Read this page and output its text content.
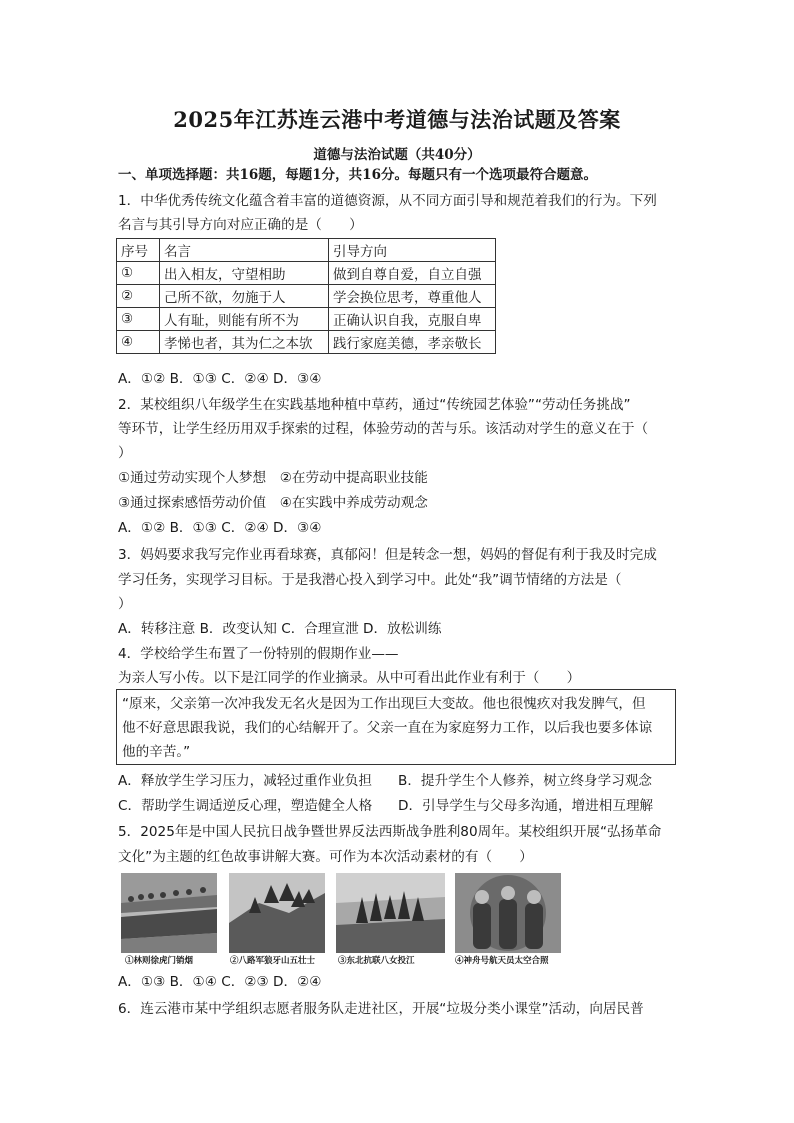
2025年江苏连云港中考道德与法治试题及答案
道德与法治试题（共40分）
一、单项选择题：共16题，每题1分，共16分。每题只有一个选项最符合题意。
1．中华优秀传统文化蕴含着丰富的道德资源，从不同方面引导和规范着我们的行为。下列
名言与其引导方向对应正确的是（　　）
序号	名言	引导方向
①	出入相友，守望相助	做到自尊自爱，自立自强
②	己所不欲，勿施于人	学会换位思考，尊重他人
③	人有耻，则能有所不为	正确认识自我，克服自卑
④	孝悌也者，其为仁之本欤	践行家庭美德，孝亲敬长
A．①② B．①③ C．②④ D．③④
2．某校组织八年级学生在实践基地种植中草药，通过“传统园艺体验”“劳动任务挑战”
等环节，让学生经历用双手探索的过程，体验劳动的苦与乐。该活动对学生的意义在于（
）
①通过劳动实现个人梦想　②在劳动中提高职业技能
③通过探索感悟劳动价值　④在实践中养成劳动观念
A．①② B．①③ C．②④ D．③④
3．妈妈要求我写完作业再看球赛，真郁闷！但是转念一想，妈妈的督促有利于我及时完成
学习任务，实现学习目标。于是我潜心投入到学习中。此处“我”调节情绪的方法是（
）
A．转移注意 B．改变认知 C．合理宣泄 D．放松训练
4．学校给学生布置了一份特别的假期作业——
为亲人写小传。以下是江同学的作业摘录。从中可看出此作业有利于（　　）

“原来，父亲第一次冲我发无名火是因为工作出现巨大变故。他也很愧疚对我发脾气，但

他不好意思跟我说，我们的心结解开了。父亲一直在为家庭努力工作，以后我也要多体谅

他的辛苦。”

A．释放学生学习压力，减轻过重作业负担	B．提升学生个人修养，树立终身学习观念
C．帮助学生调适逆反心理，塑造健全人格	D．引导学生与父母多沟通，增进相互理解
5．2025年是中国人民抗日战争暨世界反法西斯战争胜利80周年。某校组织开展“弘扬革命
文化”为主题的红色故事讲解大赛。可作为本次活动素材的有（　　）
①林则徐虎门销烟	②八路军狼牙山五壮士	③东北抗联八女投江	④神舟号航天员太空合照
A．①③ B．①④ C．②③ D．②④
6．连云港市某中学组织志愿者服务队走进社区，开展“垃圾分类小课堂”活动，向居民普
